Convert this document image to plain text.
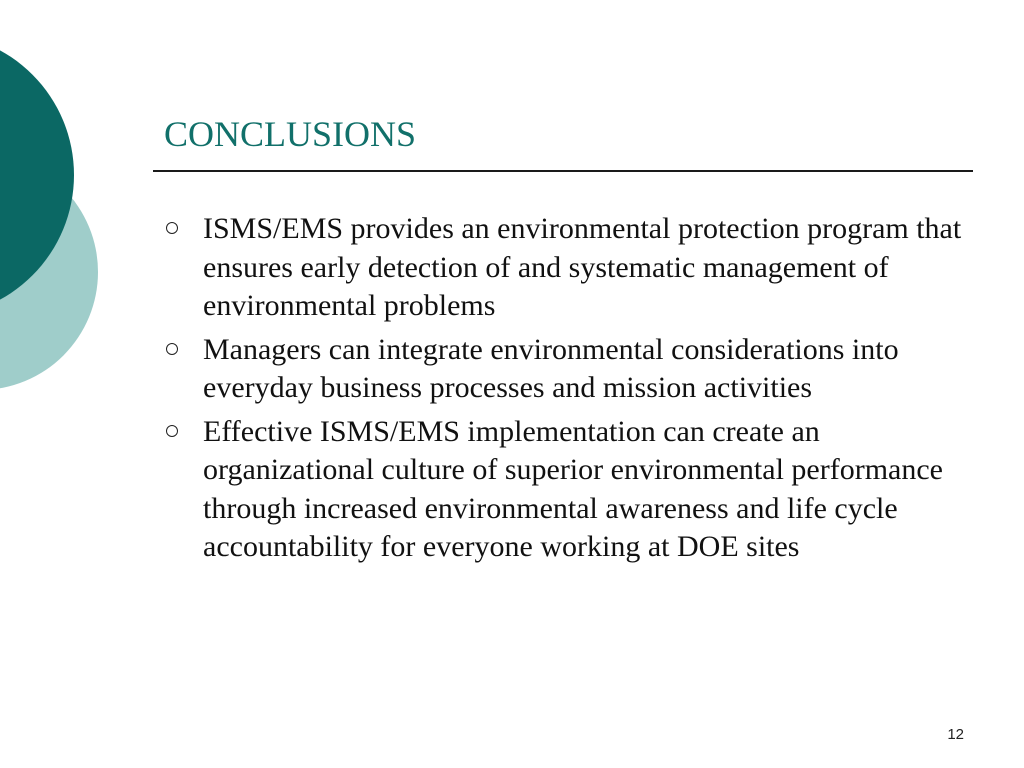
CONCLUSIONS
ISMS/EMS provides an environmental protection program that ensures early detection of and systematic management of environmental problems
Managers can integrate environmental considerations into everyday business processes and mission activities
Effective ISMS/EMS implementation can create an organizational culture of superior environmental performance through increased environmental awareness and life cycle accountability for everyone working at DOE sites
12
